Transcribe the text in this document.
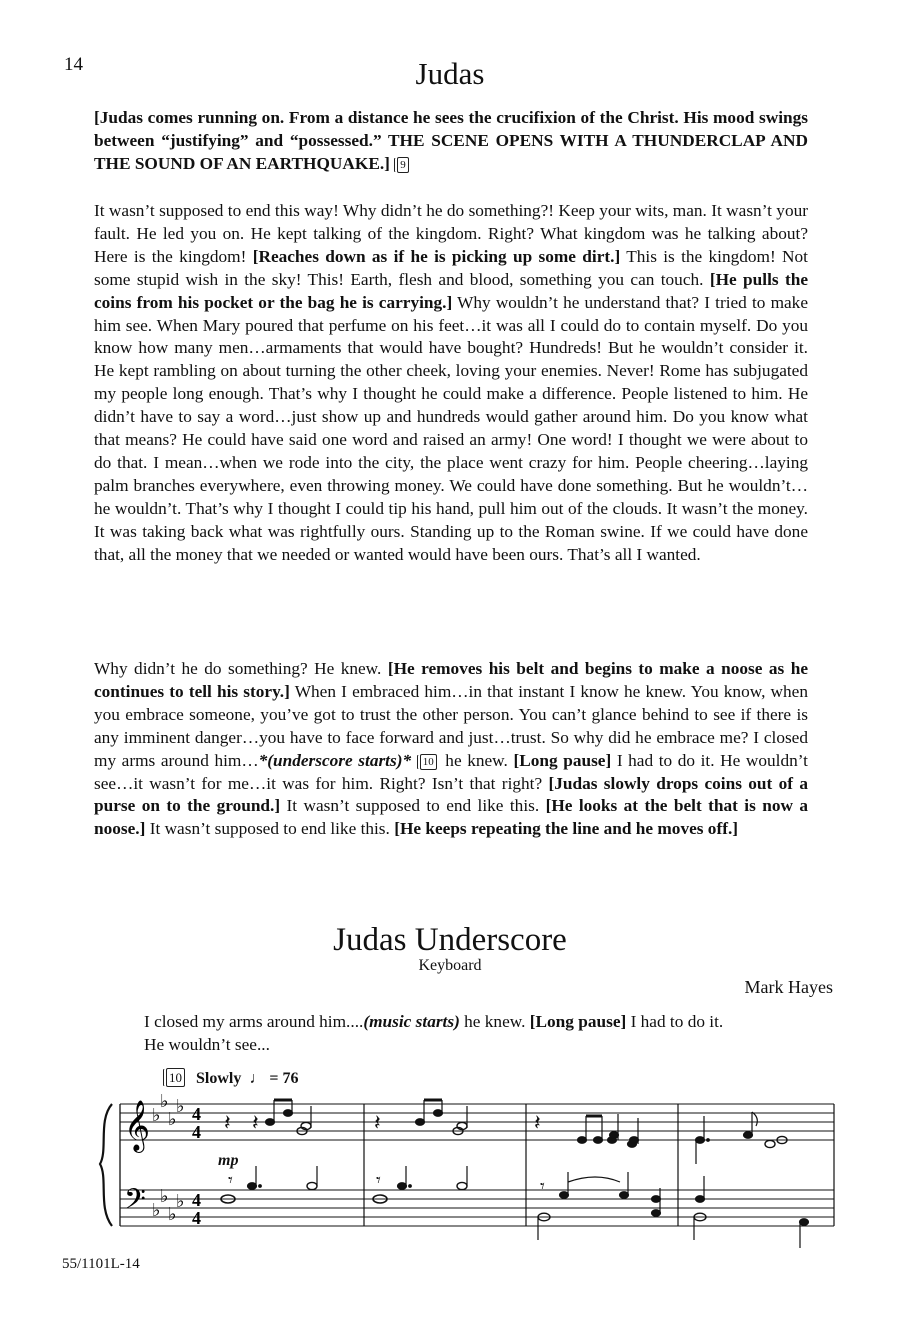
14	Judas

[Judas comes running on. From a distance he sees the crucifixion of the Christ. His mood swings between “justifying” and “possessed.” THE SCENE OPENS WITH A THUNDERCLAP AND THE SOUND OF AN EARTHQUAKE.] 9

It wasn’t supposed to end this way! Why didn’t he do something?! Keep your wits, man. It wasn’t your fault. He led you on. He kept talking of the kingdom. Right? What kingdom was he talking about? Here is the kingdom! [Reaches down as if he is picking up some dirt.] This is the kingdom! Not some stupid wish in the sky! This! Earth, flesh and blood, something you can touch. [He pulls the coins from his pocket or the bag he is carrying.] Why wouldn’t he understand that? I tried to make him see. When Mary poured that perfume on his feet…it was all I could do to contain myself. Do you know how many men…armaments that would have bought? Hundreds! But he wouldn’t consider it. He kept rambling on about turning the other cheek, loving your enemies. Never! Rome has subjugated my people long enough. That’s why I thought he could make a difference. People listened to him. He didn’t have to say a word…just show up and hundreds would gather around him. Do you know what that means? He could have said one word and raised an army! One word! I thought we were about to do that. I mean…when we rode into the city, the place went crazy for him. People cheering…laying palm branches everywhere, even throwing money. We could have done something. But he wouldn’t…he wouldn’t. That’s why I thought I could tip his hand, pull him out of the clouds. It wasn’t the money. It was taking back what was rightfully ours. Standing up to the Roman swine. If we could have done that, all the money that we needed or wanted would have been ours. That’s all I wanted.

Why didn’t he do something? He knew. [He removes his belt and begins to make a noose as he continues to tell his story.] When I embraced him…in that instant I know he knew. You know, when you embrace someone, you’ve got to trust the other person. You can’t glance behind to see if there is any imminent danger…you have to face forward and just…trust. So why did he embrace me? I closed my arms around him…*(underscore starts)* 10 he knew. [Long pause] I had to do it. He wouldn’t see…it wasn’t for me…it was for him. Right? Isn’t that right? [Judas slowly drops coins out of a purse on to the ground.] It wasn’t supposed to end like this. [He looks at the belt that is now a noose.] It wasn’t supposed to end like this. [He keeps repeating the line and he moves off.]

Judas Underscore
Keyboard
Mark Hayes

I closed my arms around him....(music starts) he knew. [Long pause] I had to do it.
He wouldn’t see...

10 Slowly ♩ = 76
𝄞
𝄢
♭
♭
♭
♭
♭
♭
♭
♭
4
4
4
4
𝄽 𝄽
mp
𝄾
𝄽
𝄾
𝄽
𝄾
55/1101L-14
